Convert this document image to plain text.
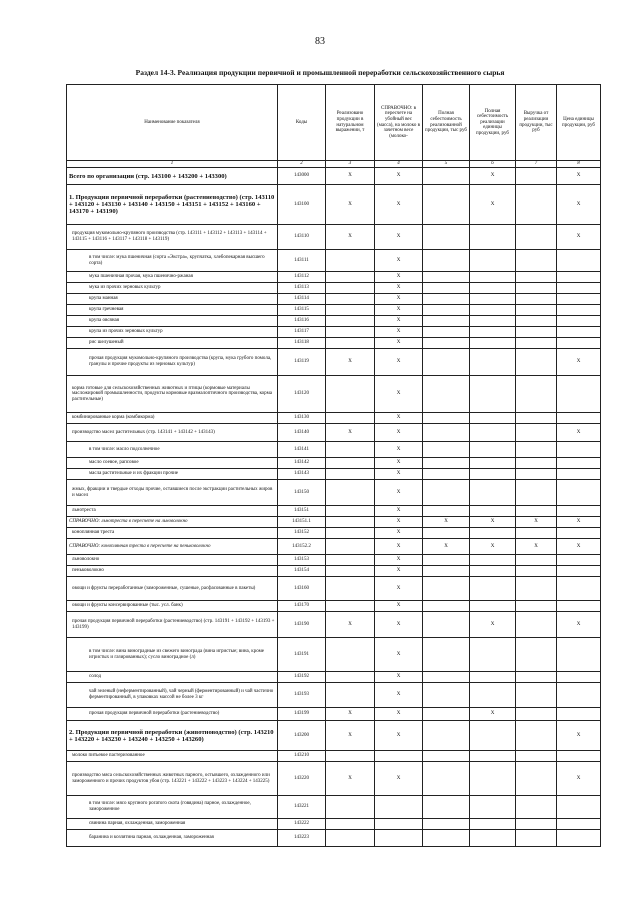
83
Раздел 14-3. Реализация продукции первичной и промышленной переработки сельскохозяйственного сырья
Наименование показателя	Коды	Реализовано продукции в натуральном выражении, т	СПРАВОЧНО: в пересчете на убойный вес (масса), на молоко в зачетном весе (молоко-	Полная себестоимость реализованной продукции, тыс руб	Полная себестоимость реализации единицы продукции, руб	Выручка от реализации продукции, тыс руб	Цена единицы продукции, руб
1	2	3	4	5	6	7	8
Всего по организации (стр. 143100 + 143200 + 143300)	143000	X	X		X		X
1. Продукция первичной переработки (растениеводство) (стр. 143110 + 143120 + 143130 + 143140 + 143150 + 143151 + 143152 + 143160 + 143170 + 143190)	143100	X	X		X		X
продукция мукомольно-крупяного производства (стр. 143111 + 143112 + 143113 + 143114 + 143115 + 143116 + 143117 + 143118 + 143119)	143110	X	X				X
в том числе: мука пшеничная (сорта «Экстра», крупчатка, хлебопекарная высшего сорта)	143111		X				
мука пшеничная прочая, мука пшенично-ржаная	143112		X				
мука из прочих зерновых культур	143113		X				
крупа манная	143114		X				
крупа гречневая	143115		X				
крупа овсяная	143116		X				
крупа из прочих зерновых культур	143117		X				
рис шелушеный	143118		X				
прочая продукция мукомольно-крупяного производства (крупа, мука грубого помола, гранулы и прочие продукты из зерновых культур)	143119	X	X				X
корма готовые для сельскохозяйственных животных и птицы (кормовые материалы масложировой промышленности, продукты кормовые вразмалоптичного производства, корма растительные)	143120		X				
комбинированные корма (комбикорма)	143130		X				
производство масел растительных (стр. 143141 + 143142 + 143143)	143140	X	X				X
в том числе: масло подсолнечное	143141		X				
масло соевое, рапсовое	143142		X				
масла растительные и их фракции прочие	143143		X				
жмых, фракции и твердые отходы прочие, оставшиеся после экстракции растительных жиров и масел	143150		X				
льнотреста	143151		X				
СПРАВОЧНО: льнотреста в пересчете на льноволокно	143151.1		X	X	X	X	X
коноплянная треста	143152		X				
СПРАВОЧНО: коноплянная треста в пересчете на пеньковолокно	143152.2		X	X	X	X	X
льноволокно	143153		X				
пеньковолокно	143154		X				
овощи и фрукты переработанные (замороженные, сушеные, расфасованные в пакеты)	143160		X				
овощи и фрукты консервированные (тыс. усл. банк)	143170		X				
прочая продукция первичной переработки (растениеводство) (стр. 143191 + 143192 + 143193 + 143199)	143190	X	X		X		X
в том числе: вина виноградные из свежего винограда (вина игристые; вина, кроме игристых и газированных); сусло виноградное (л)	143191		X				
солод	143192		X				
чай зеленый (неферментированный), чай черный (ферментированный) и чай частично ферментированный, в упаковках массой не более 3 кг	143193		X				
прочая продукция первичной переработки (растениеводство)	143199	X	X		X		
2. Продукция первичной переработки (животноводство) (стр. 143210 + 143220 + 143230 + 143240 + 143250 + 143260)	143200	X	X				X
молоко питьевое пастеризованное	143210						
производство мяса сельскохозяйственных животных парного, остывшего, охлажденного или замороженного и прочих продуктов убоя (стр. 143221 + 143222 + 143223 + 143224 + 143225)	143220	X	X				X
в том числе: мясо крупного рогатого скота (говядина) парное, охлажденное, замороженное	143221						
свинина парная, охлажденная, замороженная	143222						
баранина и козлятина парная, охлажденная, замороженная	143223						
